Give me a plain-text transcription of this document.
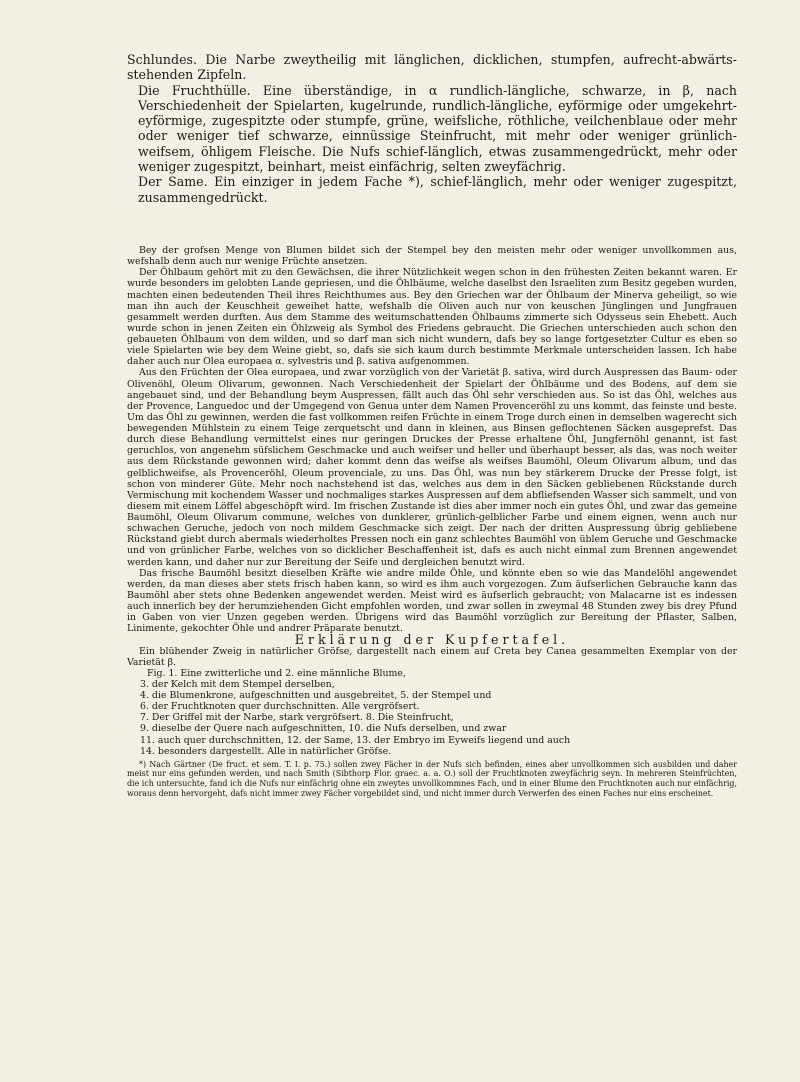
Schlundes. Die Narbe zweytheilig mit länglichen, dicklichen, stumpfen, aufrecht-abwärts-stehenden Zipfeln.

Die Fruchthülle. Eine überständige, in α rundlich-längliche, schwarze, in β, nach Verschiedenheit der Spielarten, kugelrunde, rundlich-längliche, eyförmige oder umgekehrt-eyförmige, zugespitzte oder stumpfe, grüne, weifsliche, röthliche, veilchenblaue oder mehr oder weniger tief schwarze, einnüssige Steinfrucht, mit mehr oder weniger grünlich-weifsem, öhligem Fleische. Die Nufs schief-länglich, etwas zusammengedrückt, mehr oder weniger zugespitzt, beinhart, meist einfächrig, selten zweyfächrig.

Der Same. Ein einziger in jedem Fache *), schief-länglich, mehr oder weniger zugespitzt, zusammengedrückt.

Bey der grofsen Menge von Blumen bildet sich der Stempel bey den meisten mehr oder weniger unvollkommen aus, wefshalb denn auch nur wenige Früchte ansetzen.

Der Öhlbaum gehört mit zu den Gewächsen, die ihrer Nützlichkeit wegen schon in den frühesten Zeiten bekannt waren. Er wurde besonders im gelobten Lande gepriesen, und die Öhlbäume, welche daselbst den Israeliten zum Besitz gegeben wurden, machten einen bedeutenden Theil ihres Reichthumes aus. Bey den Griechen war der Öhlbaum der Minerva geheiligt, so wie man ihn auch der Keuschheit geweihet hatte, wefshalb die Oliven auch nur von keuschen Jünglingen und Jungfrauen gesammelt werden durften. Aus dem Stamme des weitumschattenden Öhlbaums zimmerte sich Odysseus sein Ehebett. Auch wurde schon in jenen Zeiten ein Öhlzweig als Symbol des Friedens gebraucht. Die Griechen unterschieden auch schon den gebaueten Öhlbaum von dem wilden, und so darf man sich nicht wundern, dafs bey so lange fortgesetzter Cultur es eben so viele Spielarten wie bey dem Weine giebt, so, dafs sie sich kaum durch bestimmte Merkmale unterscheiden lassen. Ich habe daher auch nur Olea europaea α. sylvestris und β. sativa aufgenommen.

Aus den Früchten der Olea europaea, und zwar vorzüglich von der Varietät β. sativa, wird durch Auspressen das Baum- oder Olivenöhl, Oleum Olivarum, gewonnen. Nach Verschiedenheit der Spielart der Öhlbäume und des Bodens, auf dem sie angebauet sind, und der Behandlung beym Auspressen, fällt auch das Öhl sehr verschieden aus. So ist das Öhl, welches aus der Provence, Languedoc und der Umgegend von Genua unter dem Namen Provenceröhl zu uns kommt, das feinste und beste. Um das Öhl zu gewinnen, werden die fast vollkommen reifen Früchte in einem Troge durch einen in demselben wagerecht sich bewegenden Mühlstein zu einem Teige zerquetscht und dann in kleinen, aus Binsen geflochtenen Säcken ausgeprefst. Das durch diese Behandlung vermittelst eines nur geringen Druckes der Presse erhaltene Öhl, Jungfernöhl genannt, ist fast geruchlos, von angenehm süfslichem Geschmacke und auch weifser und heller und überhaupt besser, als das, was noch weiter aus dem Rückstande gewonnen wird; daher kommt denn das weifse als weifses Baumöhl, Oleum Olivarum album, und das gelblichweifse, als Provenceröhl, Oleum provenciale, zu uns. Das Öhl, was nun bey stärkerem Drucke der Presse folgt, ist schon von minderer Güte. Mehr noch nachstehend ist das, welches aus dem in den Säcken gebliebenen Rückstande durch Vermischung mit kochendem Wasser und nochmaliges starkes Auspressen auf dem abfliefsenden Wasser sich sammelt, und von diesem mit einem Löffel abgeschöpft wird. Im frischen Zustande ist dies aber immer noch ein gutes Öhl, und zwar das gemeine Baumöhl, Oleum Olivarum commune, welches von dunklerer, grünlich-gelblicher Farbe und einem eignen, wenn auch nur schwachen Geruche, jedoch von noch mildem Geschmacke sich zeigt. Der nach der dritten Auspressung übrig gebliebene Rückstand giebt durch abermals wiederholtes Pressen noch ein ganz schlechtes Baumöhl von üblem Geruche und Geschmacke und von grünlicher Farbe, welches von so dicklicher Beschaffenheit ist, dafs es auch nicht einmal zum Brennen angewendet werden kann, und daher nur zur Bereitung der Seife und dergleichen benutzt wird.

Das frische Baumöhl besitzt dieselben Kräfte wie andre milde Öhle, und könnte eben so wie das Mandelöhl angewendet werden, da man dieses aber stets frisch haben kann, so wird es ihm auch vorgezogen. Zum äufserlichen Gebrauche kann das Baumöhl aber stets ohne Bedenken angewendet werden. Meist wird es äufserlich gebraucht; von Malacarne ist es indessen auch innerlich bey der herumziehenden Gicht empfohlen worden, und zwar sollen in zweymal 48 Stunden zwey bis drey Pfund in Gaben von vier Unzen gegeben werden. Übrigens wird das Baumöhl vorzüglich zur Bereitung der Pflaster, Salben, Linimente, gekochter Öhle und andrer Präparate benutzt.

Erklärung der Kupfertafel.

Ein blühender Zweig in natürlicher Gröfse, dargestellt nach einem auf Creta bey Canea gesammelten Exemplar von der Varietät β.

Fig. 1. Eine zwitterliche und 2. eine männliche Blume,
3. der Kelch mit dem Stempel derselben,
4. die Blumenkrone, aufgeschnitten und ausgebreitet, 5. der Stempel und
6. der Fruchtknoten quer durchschnitten. Alle vergröfsert.
7. Der Griffel mit der Narbe, stark vergröfsert. 8. Die Steinfrucht,
9. dieselbe der Quere nach aufgeschnitten, 10. die Nufs derselben, und zwar
11. auch quer durchschnitten, 12. der Same, 13. der Embryo im Eyweifs liegend und auch
14. besonders dargestellt. Alle in natürlicher Gröfse.

*) Nach Gärtner (De fruct. et sem. T. I. p. 75.) sollen zwey Fächer in der Nufs sich befinden, eines aber unvollkommen sich ausbilden und daher meist nur eins gefunden werden, und nach Smith (Sibthorp Flor. graec. a. a. O.) soll der Fruchtknoten zweyfächrig seyn. In mehreren Steinfrüchten, die ich untersuchte, fand ich die Nufs nur einfächrig ohne ein zweytes unvollkommnes Fach, und in einer Blume den Fruchtknoten auch nur einfächrig, woraus denn hervorgeht, dafs nicht immer zwey Fächer vorgebildet sind, und nicht immer durch Verwerfen des einen Faches nur eins erscheinet.
